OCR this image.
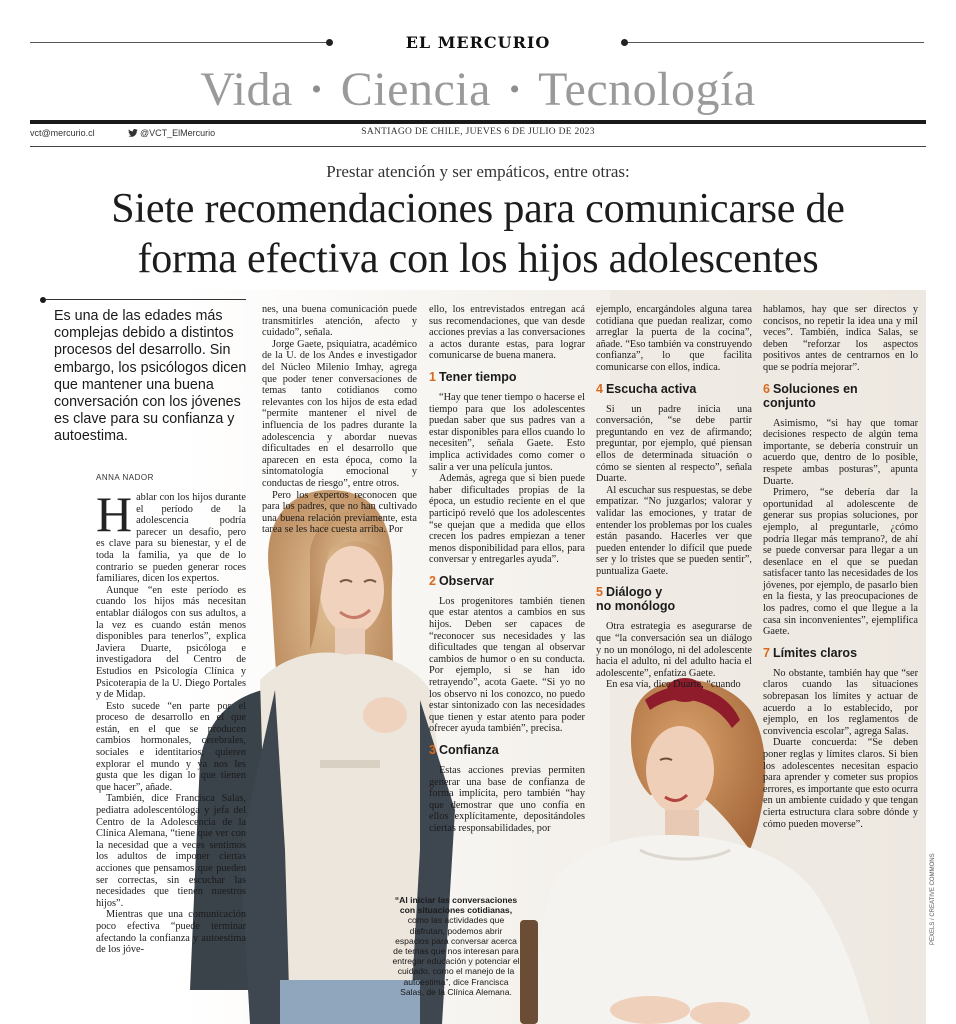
EL MERCURIO
Vida • Ciencia • Tecnología
vct@mercurio.cl	@VCT_ElMercurio	SANTIAGO DE CHILE, JUEVES 6 DE JULIO DE 2023
Prestar atención y ser empáticos, entre otras:
Siete recomendaciones para comunicarse de
forma efectiva con los hijos adolescentes

Es una de las edades más complejas debido a distintos procesos del desarrollo. Sin embargo, los psicólogos dicen que mantener una buena conversación con los jóvenes es clave para su confianza y autoestima.

ANNA NADOR

Hablar con los hijos durante el período de la adolescencia podría parecer un desafío, pero es clave para su bienestar, y el de toda la familia, ya que de lo contrario se pueden generar roces familiares, dicen los expertos.

Aunque “en este período es cuando los hijos más necesitan entablar diálogos con sus adultos, a la vez es cuando están menos disponibles para tenerlos”, explica Javiera Duarte, psicóloga e investigadora del Centro de Estudios en Psicología Clínica y Psicoterapia de la U. Diego Portales y de Midap.

Esto sucede “en parte por el proceso de desarrollo en el que están, en el que se producen cambios hormonales, cerebrales, sociales e identitarios; quieren explorar el mundo y ya nos les gusta que les digan lo que tienen que hacer”, añade.

También, dice Francisca Salas, pediatra adolescentóloga y jefa del Centro de la Adolescencia de la Clínica Alemana, “tiene que ver con la necesidad que a veces sentimos los adultos de imponer ciertas acciones que pensamos que pueden ser correctas, sin escuchar las necesidades que tienen nuestros hijos”.

Mientras que una comunicación poco efectiva “puede terminar afectando la confianza y autoestima de los jóve-

nes, una buena comunicación puede transmitirles atención, afecto y cuidado”, señala.

Jorge Gaete, psiquiatra, académico de la U. de los Andes e investigador del Núcleo Milenio Imhay, agrega que poder tener conversaciones de temas tanto cotidianos como relevantes con los hijos de esta edad “permite mantener el nivel de influencia de los padres durante la adolescencia y abordar nuevas dificultades en el desarrollo que aparecen en esta época, como la sintomatología emocional y conductas de riesgo”, entre otros.

Pero los expertos reconocen que para los padres, que no han cultivado una buena relación previamente, esta tarea se les hace cuesta arriba. Por

ello, los entrevistados entregan acá sus recomendaciones, que van desde acciones previas a las conversaciones a actos durante estas, para lograr comunicarse de buena manera.

1 Tener tiempo

“Hay que tener tiempo o hacerse el tiempo para que los adolescentes puedan saber que sus padres van a estar disponibles para ellos cuando lo necesiten”, señala Gaete. Esto implica actividades como comer o salir a ver una película juntos.

Además, agrega que si bien puede haber dificultades propias de la época, un estudio reciente en el que participó reveló que los adolescentes “se quejan que a medida que ellos crecen los padres empiezan a tener menos disponibilidad para ellos, para conversar y entregarles ayuda”.

2 Observar

Los progenitores también tienen que estar atentos a cambios en sus hijos. Deben ser capaces de “reconocer sus necesidades y las dificultades que tengan al observar cambios de humor o en su conducta. Por ejemplo, si se han ido retrayendo”, acota Gaete. “Si yo no los observo ni los conozco, no puedo estar sintonizado con las necesidades que tienen y estar atento para poder ofrecer ayuda también”, precisa.

3 Confianza

Estas acciones previas permiten generar una base de confianza de forma implícita, pero también “hay que demostrar que uno confía en ellos explícitamente, depositándoles ciertas responsabilidades, por

ejemplo, encargándoles alguna tarea cotidiana que puedan realizar, como arreglar la puerta de la cocina”, añade. “Eso también va construyendo confianza”, lo que facilita comunicarse con ellos, indica.

4 Escucha activa

Si un padre inicia una conversación, “se debe partir preguntando en vez de afirmando; preguntar, por ejemplo, qué piensan ellos de determinada situación o cómo se sienten al respecto”, señala Duarte.

Al escuchar sus respuestas, se debe empatizar. “No juzgarlos; valorar y validar las emociones, y tratar de entender los problemas por los cuales están pasando. Hacerles ver que pueden entender lo difícil que puede ser y lo tristes que se pueden sentir”, puntualiza Gaete.

5 Diálogo y no monólogo

Otra estrategia es asegurarse de que “la conversación sea un diálogo y no un monólogo, ni del adolescente hacia el adulto, ni del adulto hacia el adolescente”, enfatiza Gaete.

En esa vía, dice Duarte, “cuando

hablamos, hay que ser directos y concisos, no repetir la idea una y mil veces”. También, indica Salas, se deben “reforzar los aspectos positivos antes de centrarnos en lo que se podría mejorar”.

6 Soluciones en conjunto

Asimismo, “si hay que tomar decisiones respecto de algún tema importante, se debería construir un acuerdo que, dentro de lo posible, respete ambas posturas”, apunta Duarte.

Primero, “se debería dar la oportunidad al adolescente de generar sus propias soluciones, por ejemplo, al preguntarle, ¿cómo podría llegar más temprano?, de ahí se puede conversar para llegar a un desenlace en el que se puedan satisfacer tanto las necesidades de los jóvenes, por ejemplo, de pasarlo bien en la fiesta, y las preocupaciones de los padres, como el que llegue a la casa sin inconvenientes”, ejemplifica Gaete.

7 Límites claros

No obstante, también hay que “ser claros cuando las situaciones sobrepasan los límites y actuar de acuerdo a lo establecido, por ejemplo, en los reglamentos de convivencia escolar”, agrega Salas.

Duarte concuerda: “Se deben poner reglas y límites claros. Si bien los adolescentes necesitan espacio para aprender y cometer sus propios errores, es importante que esto ocurra en un ambiente cuidado y que tengan cierta estructura clara sobre dónde y cómo pueden moverse”.

“Al iniciar las conversaciones con situaciones cotidianas, como las actividades que disfrutan, podemos abrir espacios para conversar acerca de temas que nos interesan para entregar educación y potenciar el cuidado, como el manejo de la autoestima”, dice Francisca Salas, de la Clínica Alemana.
PEXELS / CREATIVE COMMONS
